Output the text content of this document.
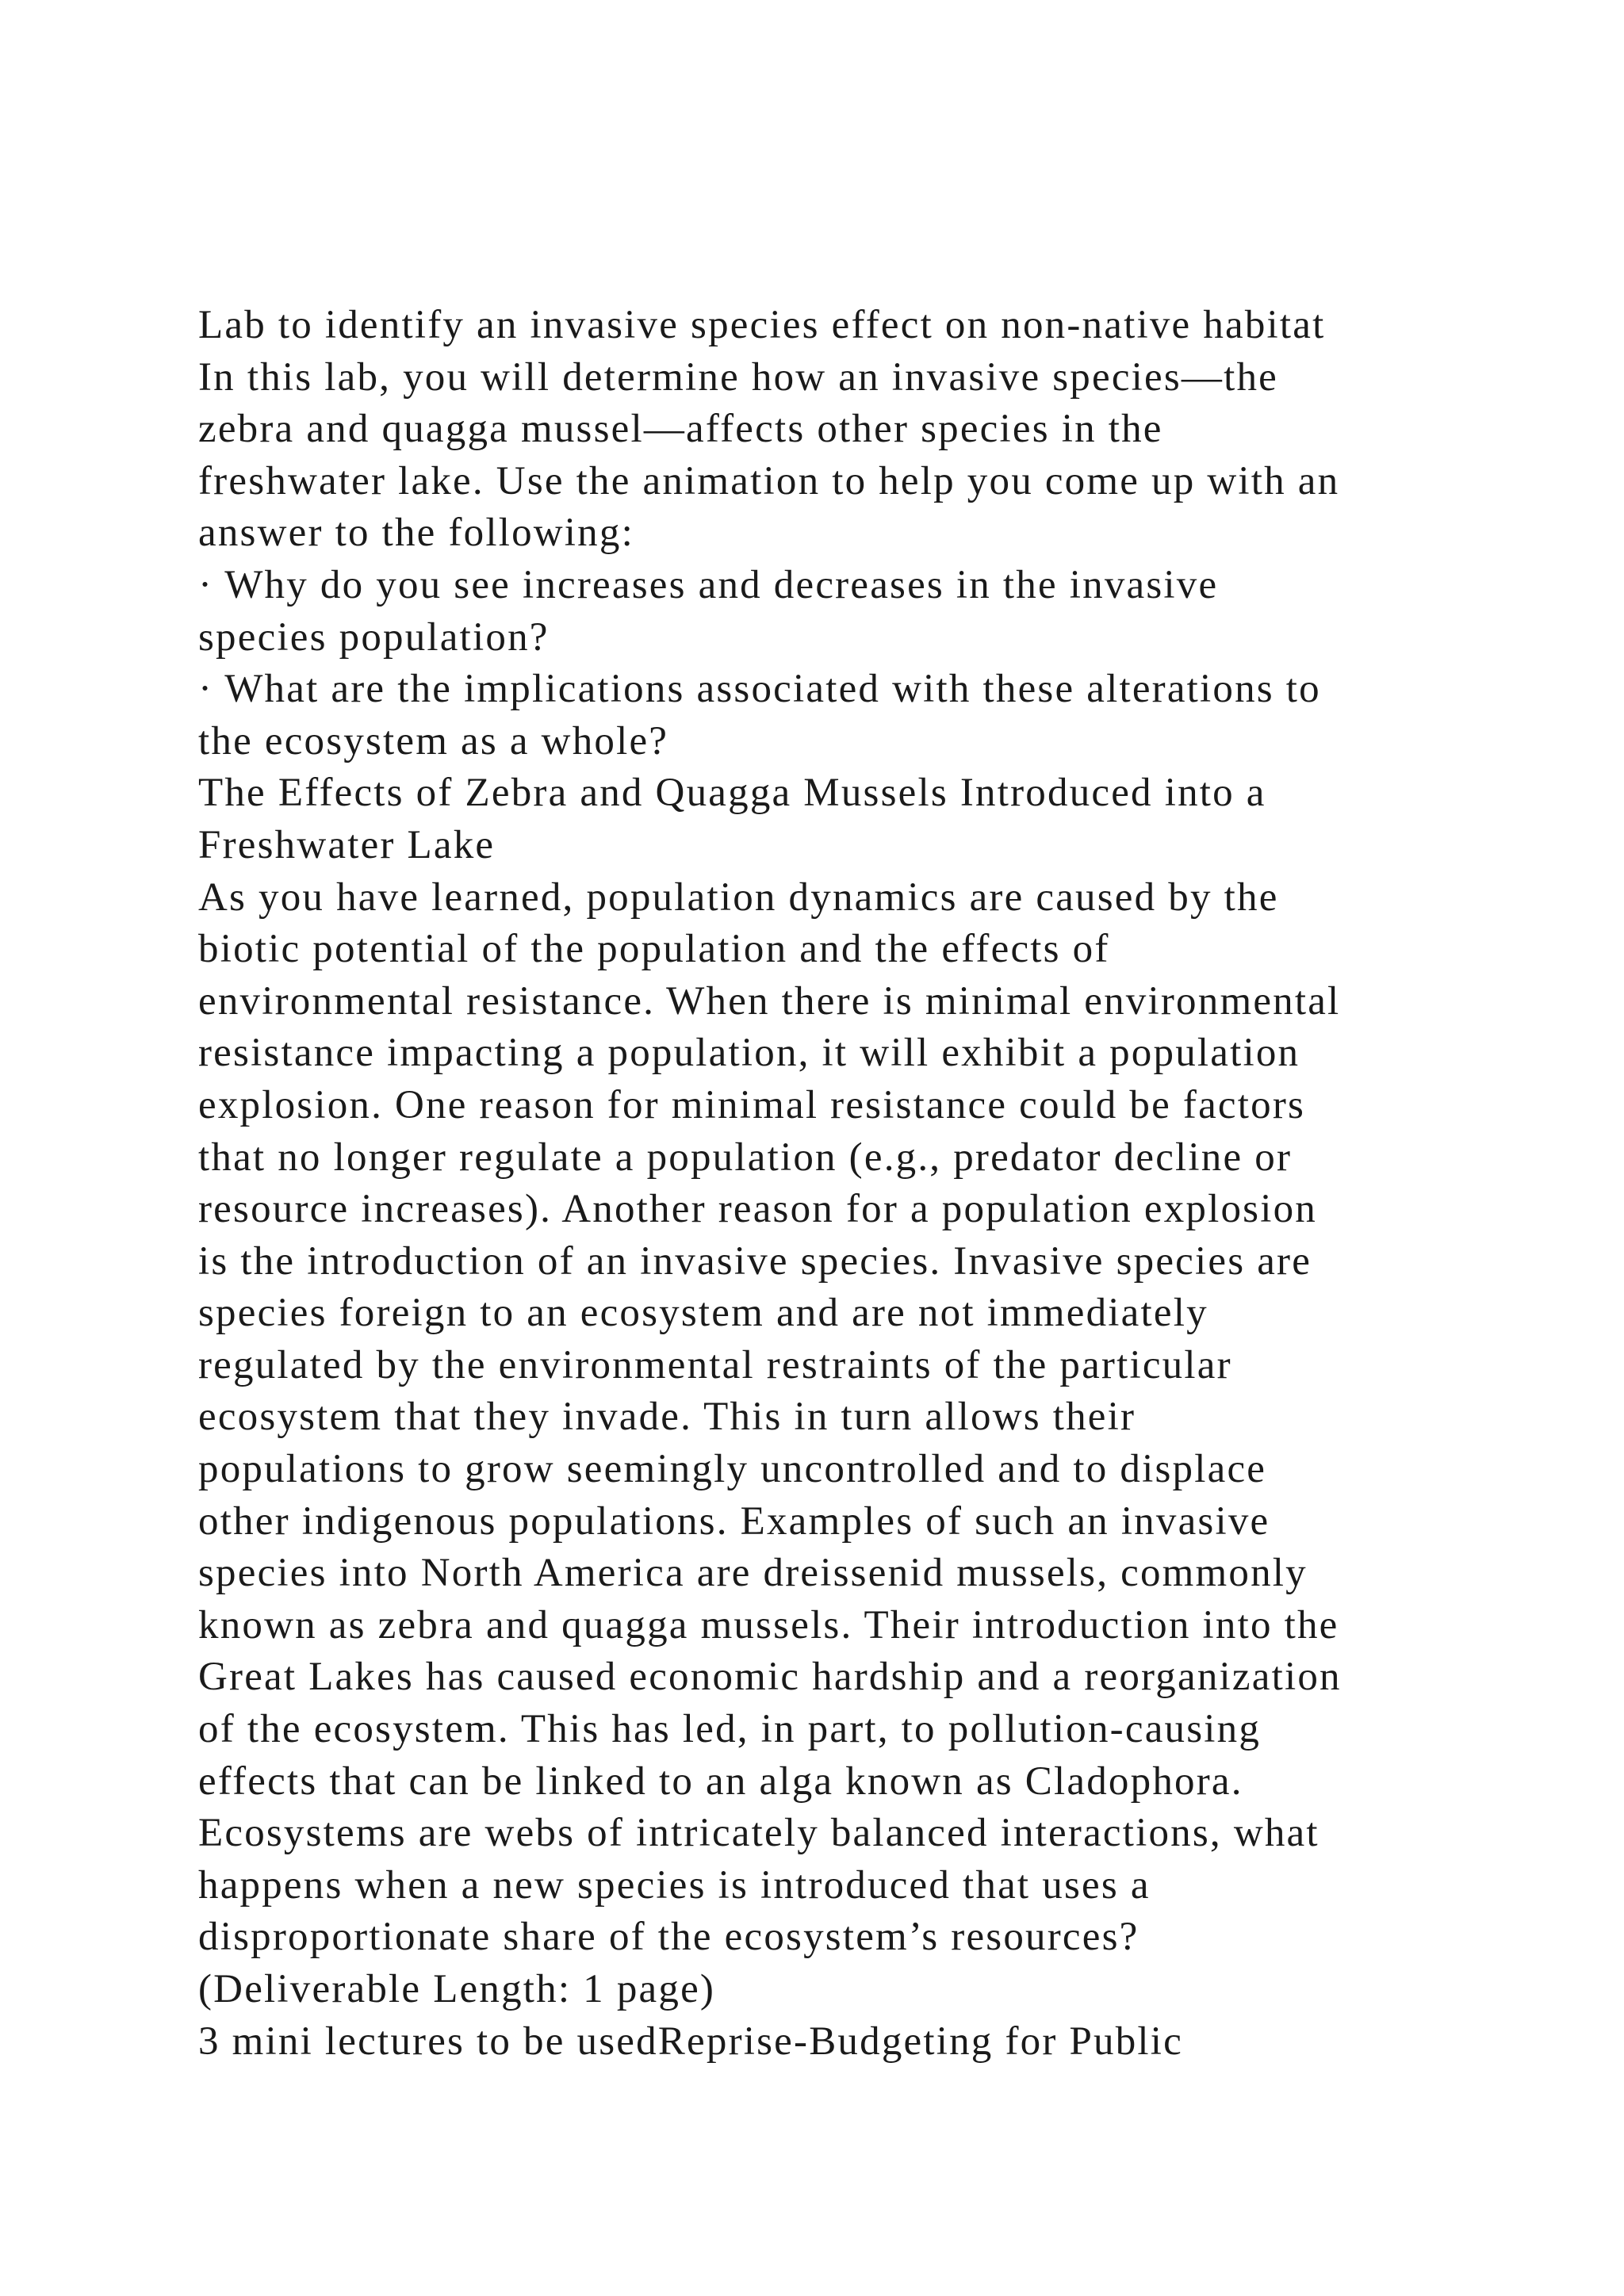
Lab to identify an invasive species effect on non-native habitat
In this lab, you will determine how an invasive species—the
zebra and quagga mussel—affects other species in the
freshwater lake. Use the animation to help you come up with an
answer to the following:
· Why do you see increases and decreases in the invasive
species population?
· What are the implications associated with these alterations to
the ecosystem as a whole?
The Effects of Zebra and Quagga Mussels Introduced into a
Freshwater Lake
As you have learned, population dynamics are caused by the
biotic potential of the population and the effects of
environmental resistance. When there is minimal environmental
resistance impacting a population, it will exhibit a population
explosion. One reason for minimal resistance could be factors
that no longer regulate a population (e.g., predator decline or
resource increases). Another reason for a population explosion
is the introduction of an invasive species. Invasive species are
species foreign to an ecosystem and are not immediately
regulated by the environmental restraints of the particular
ecosystem that they invade. This in turn allows their
populations to grow seemingly uncontrolled and to displace
other indigenous populations. Examples of such an invasive
species into North America are dreissenid mussels, commonly
known as zebra and quagga mussels. Their introduction into the
Great Lakes has caused economic hardship and a reorganization
of the ecosystem. This has led, in part, to pollution-causing
effects that can be linked to an alga known as Cladophora.
Ecosystems are webs of intricately balanced interactions, what
happens when a new species is introduced that uses a
disproportionate share of the ecosystem’s resources?
(Deliverable Length: 1 page)
3 mini lectures to be usedReprise-Budgeting for Public
